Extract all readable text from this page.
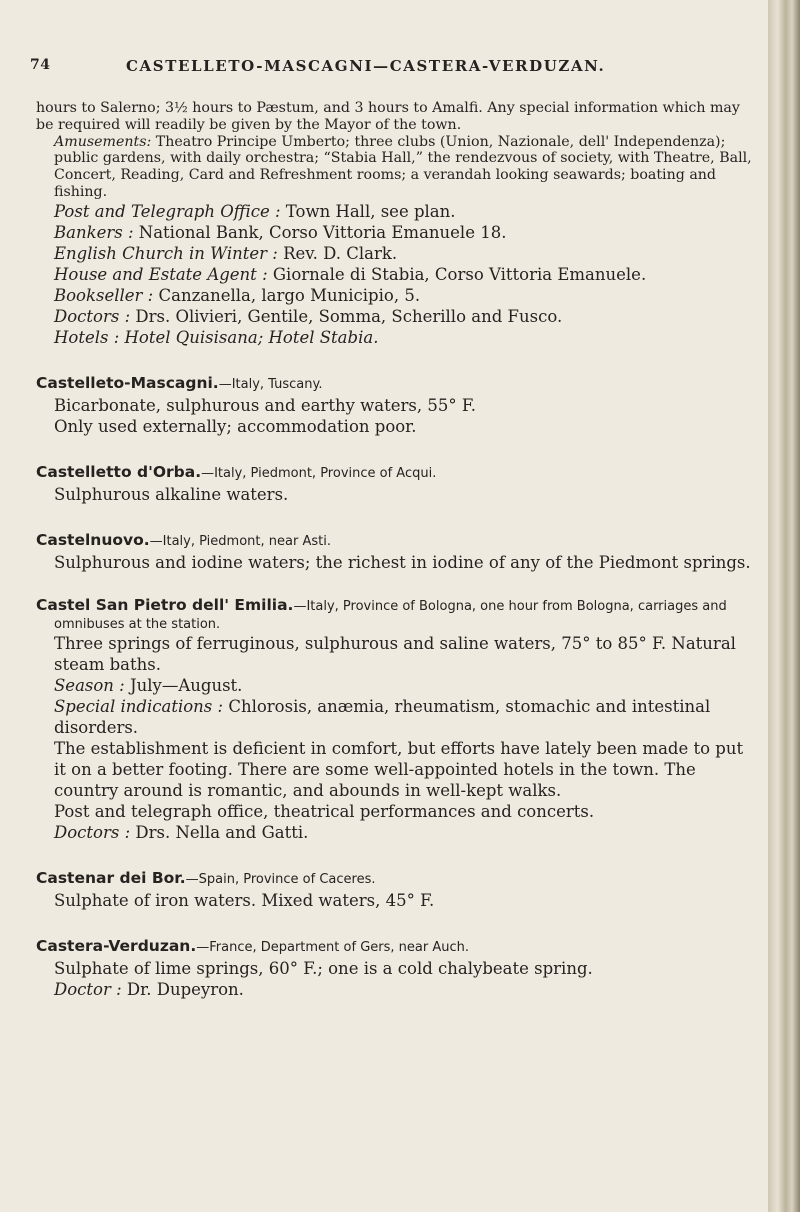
74	CASTELLETO-MASCAGNI—CASTERA-VERDUZAN.

hours to Salerno; 3½ hours to Pæstum, and 3 hours to Amalfi. Any special information which may be required will readily be given by the Mayor of the town.

Amusements: Theatro Principe Umberto; three clubs (Union, Nazionale, dell' Independenza); public gardens, with daily orchestra; “Stabia Hall,” the rendezvous of society, with Theatre, Ball, Concert, Reading, Card and Refreshment rooms; a verandah looking seawards; boating and fishing.

Post and Telegraph Office : Town Hall, see plan.

Bankers : National Bank, Corso Vittoria Emanuele 18.

English Church in Winter : Rev. D. Clark.

House and Estate Agent : Giornale di Stabia, Corso Vittoria Emanuele.

Bookseller : Canzanella, largo Municipio, 5.

Doctors : Drs. Olivieri, Gentile, Somma, Scherillo and Fusco.

Hotels : Hotel Quisisana; Hotel Stabia.

Castelleto-Mascagni.—Italy, Tuscany.

Bicarbonate, sulphurous and earthy waters, 55° F.

Only used externally; accommodation poor.

Castelletto d'Orba.—Italy, Piedmont, Province of Acqui.

Sulphurous alkaline waters.

Castelnuovo.—Italy, Piedmont, near Asti.

Sulphurous and iodine waters; the richest in iodine of any of the Piedmont springs.

Castel San Pietro dell' Emilia.—Italy, Province of Bologna, one hour from Bologna, carriages and omnibuses at the station.

Three springs of ferruginous, sulphurous and saline waters, 75° to 85° F. Natural steam baths.

Season : July—August.

Special indications : Chlorosis, anæmia, rheumatism, stomachic and intestinal disorders.

The establishment is deficient in comfort, but efforts have lately been made to put it on a better footing. There are some well-appointed hotels in the town. The country around is romantic, and abounds in well-kept walks.

Post and telegraph office, theatrical performances and concerts.

Doctors : Drs. Nella and Gatti.

Castenar dei Bor.—Spain, Province of Caceres.

Sulphate of iron waters. Mixed waters, 45° F.

Castera-Verduzan.—France, Department of Gers, near Auch.

Sulphate of lime springs, 60° F.; one is a cold chalybeate spring.

Doctor : Dr. Dupeyron.
